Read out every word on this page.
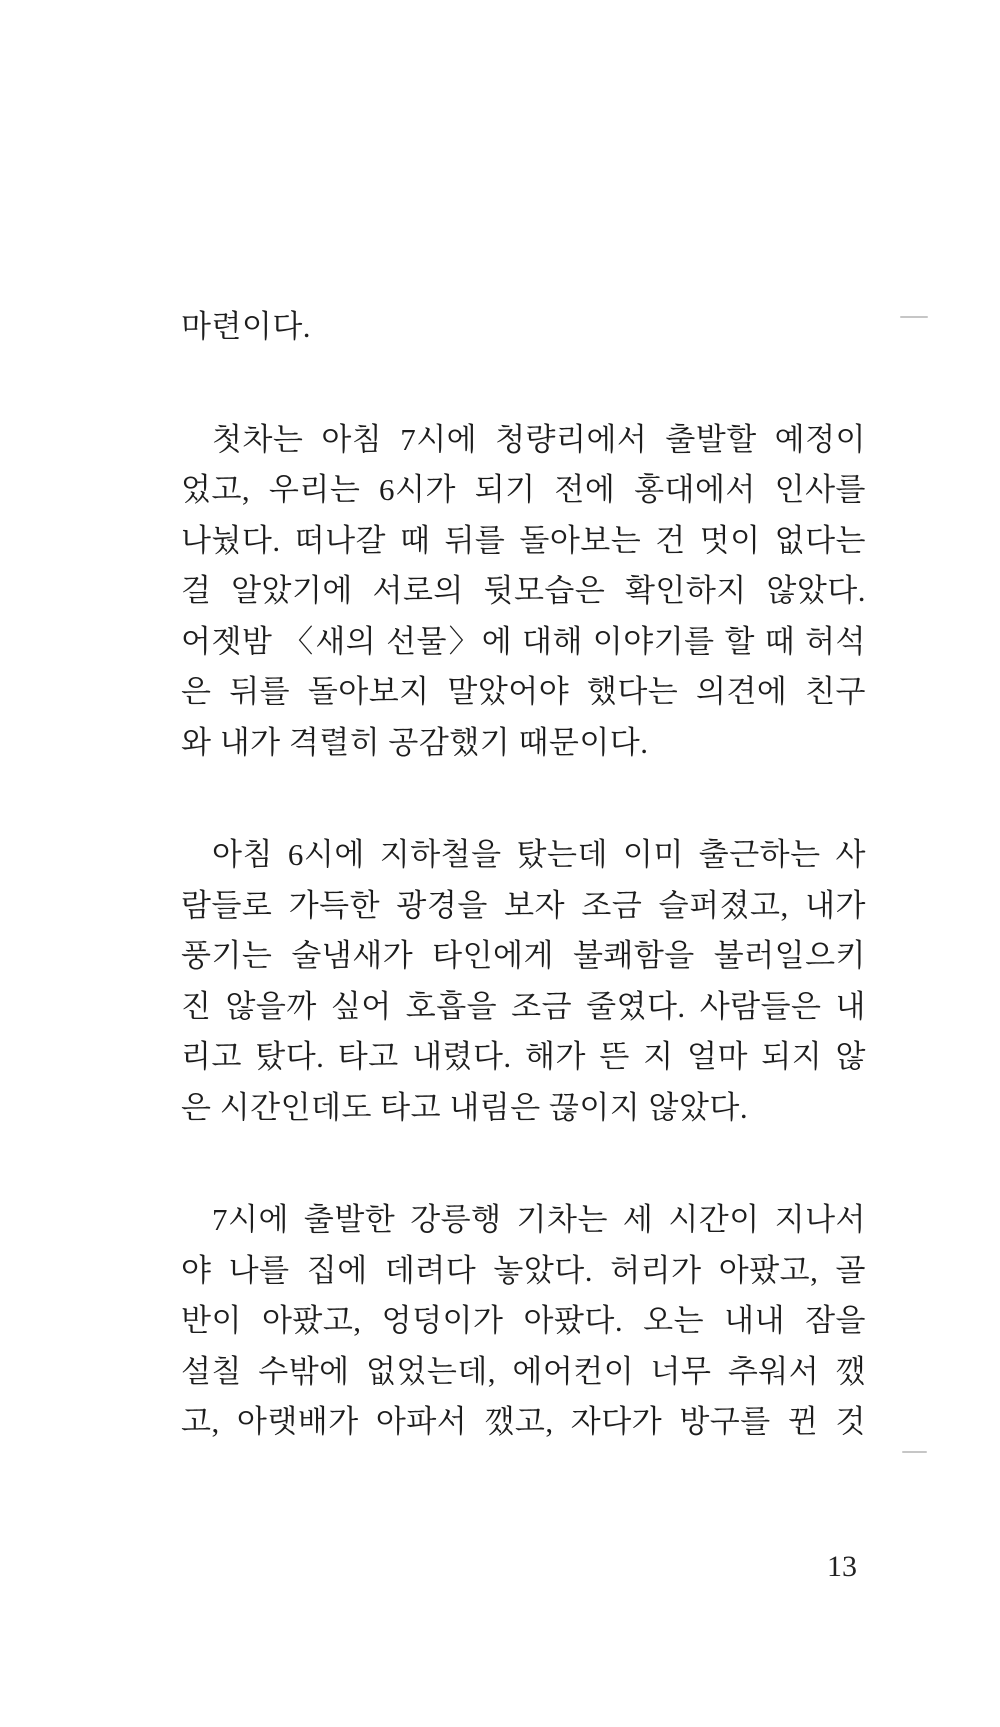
마련이다.
첫차는 아침 7시에 청량리에서 출발할 예정이
었고, 우리는 6시가 되기 전에 홍대에서 인사를
나눴다. 떠나갈 때 뒤를 돌아보는 건 멋이 없다는
걸 알았기에 서로의 뒷모습은 확인하지 않았다.
어젯밤 〈새의 선물〉에 대해 이야기를 할 때 허석
은 뒤를 돌아보지 말았어야 했다는 의견에 친구
와 내가 격렬히 공감했기 때문이다.
아침 6시에 지하철을 탔는데 이미 출근하는 사
람들로 가득한 광경을 보자 조금 슬퍼졌고, 내가
풍기는 술냄새가 타인에게 불쾌함을 불러일으키
진 않을까 싶어 호흡을 조금 줄였다. 사람들은 내
리고 탔다. 타고 내렸다. 해가 뜬 지 얼마 되지 않
은 시간인데도 타고 내림은 끊이지 않았다.
7시에 출발한 강릉행 기차는 세 시간이 지나서
야 나를 집에 데려다 놓았다. 허리가 아팠고, 골
반이 아팠고, 엉덩이가 아팠다. 오는 내내 잠을
설칠 수밖에 없었는데, 에어컨이 너무 추워서 깼
고, 아랫배가 아파서 깼고, 자다가 방구를 뀐 것
13
